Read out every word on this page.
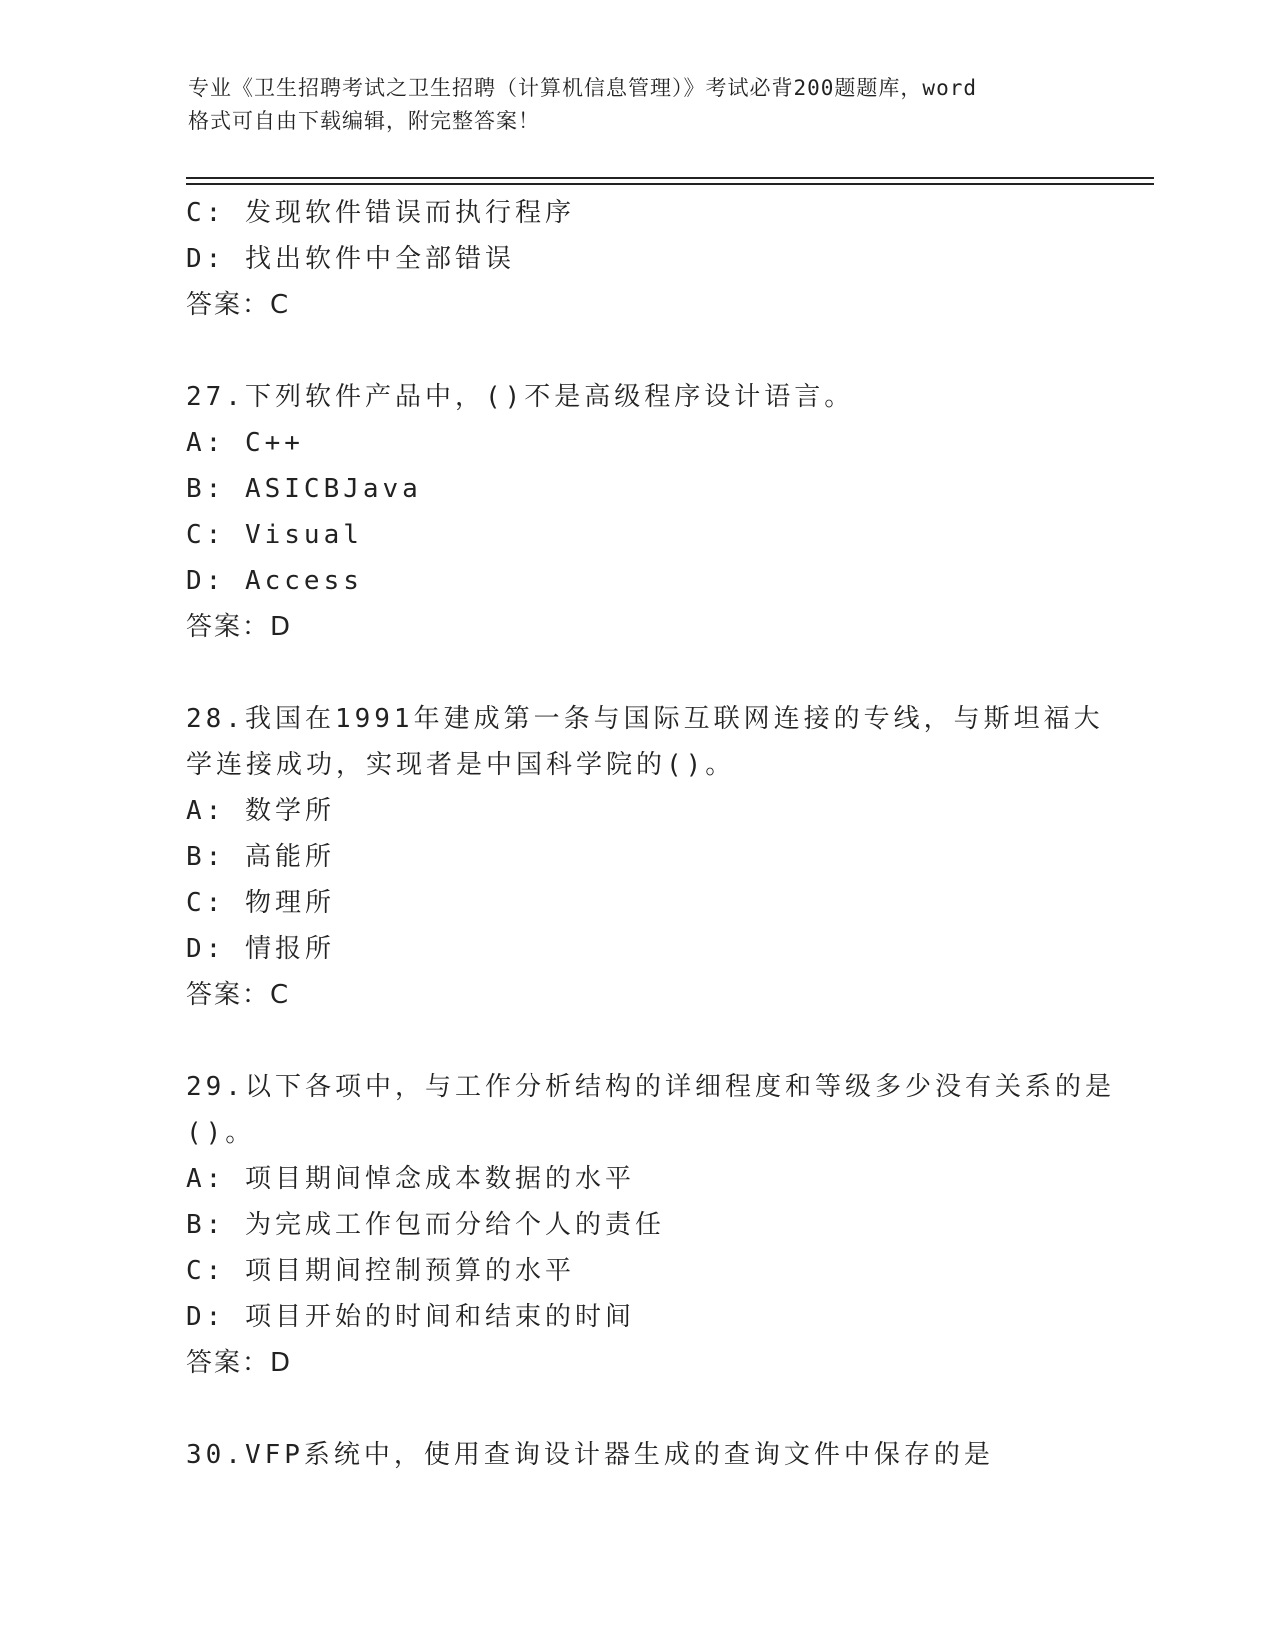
专业《卫生招聘考试之卫生招聘（计算机信息管理）》考试必背200题题库，word
格式可自由下载编辑，附完整答案！
C: 发现软件错误而执行程序
D: 找出软件中全部错误
答案：C
27.下列软件产品中，()不是高级程序设计语言。
A: C++
B: ASICBJava
C: Visual
D: Access
答案：D
28.我国在1991年建成第一条与国际互联网连接的专线，与斯坦福大
学连接成功，实现者是中国科学院的()。
A: 数学所
B: 高能所
C: 物理所
D: 情报所
答案：C
29.以下各项中，与工作分析结构的详细程度和等级多少没有关系的是
()。
A: 项目期间悼念成本数据的水平
B: 为完成工作包而分给个人的责任
C: 项目期间控制预算的水平
D: 项目开始的时间和结束的时间
答案：D
30.VFP系统中，使用查询设计器生成的查询文件中保存的是
